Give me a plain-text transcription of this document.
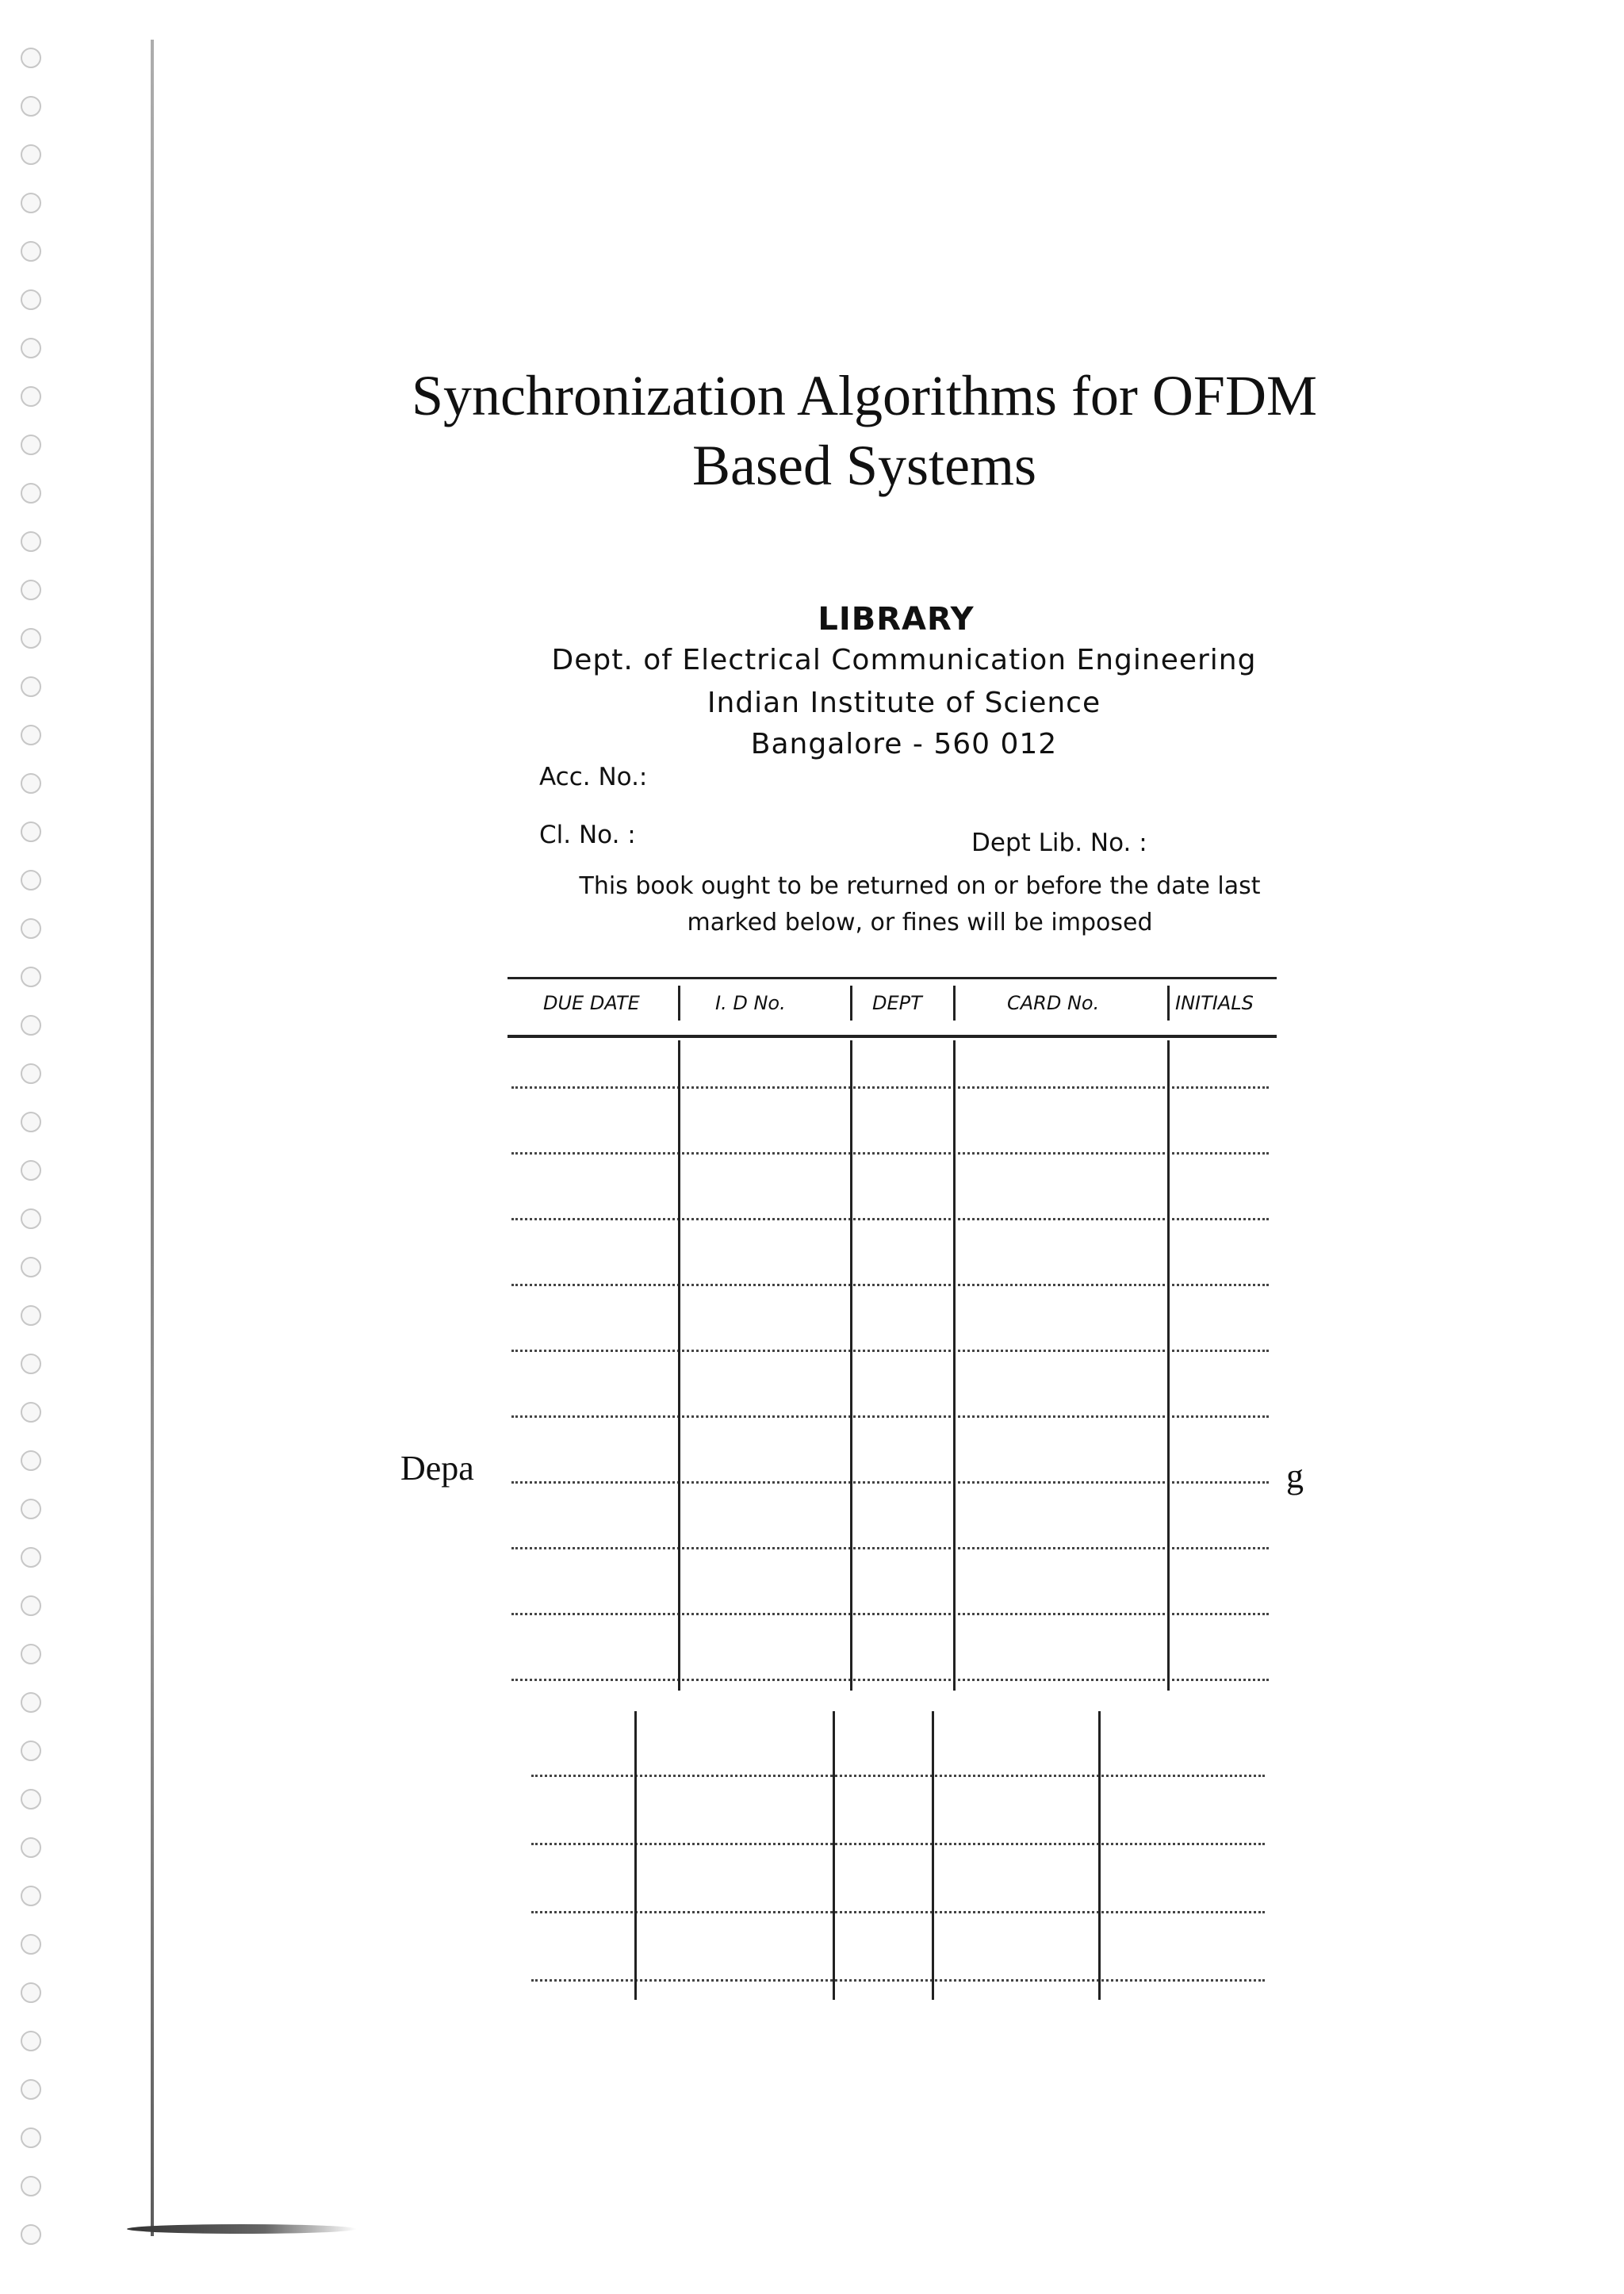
Synchronization Algorithms for OFDM
Based Systems
LIBRARY
Dept. of Electrical Communication Engineering
Indian Institute of Science
Bangalore - 560 012
Acc. No.:
Cl. No. :	Dept Lib. No. :
This book ought to be returned on or before the date last
marked below, or fines will be imposed
Depa	g
DUE DATE	I. D No.	DEPT	CARD No.	INITIALS
